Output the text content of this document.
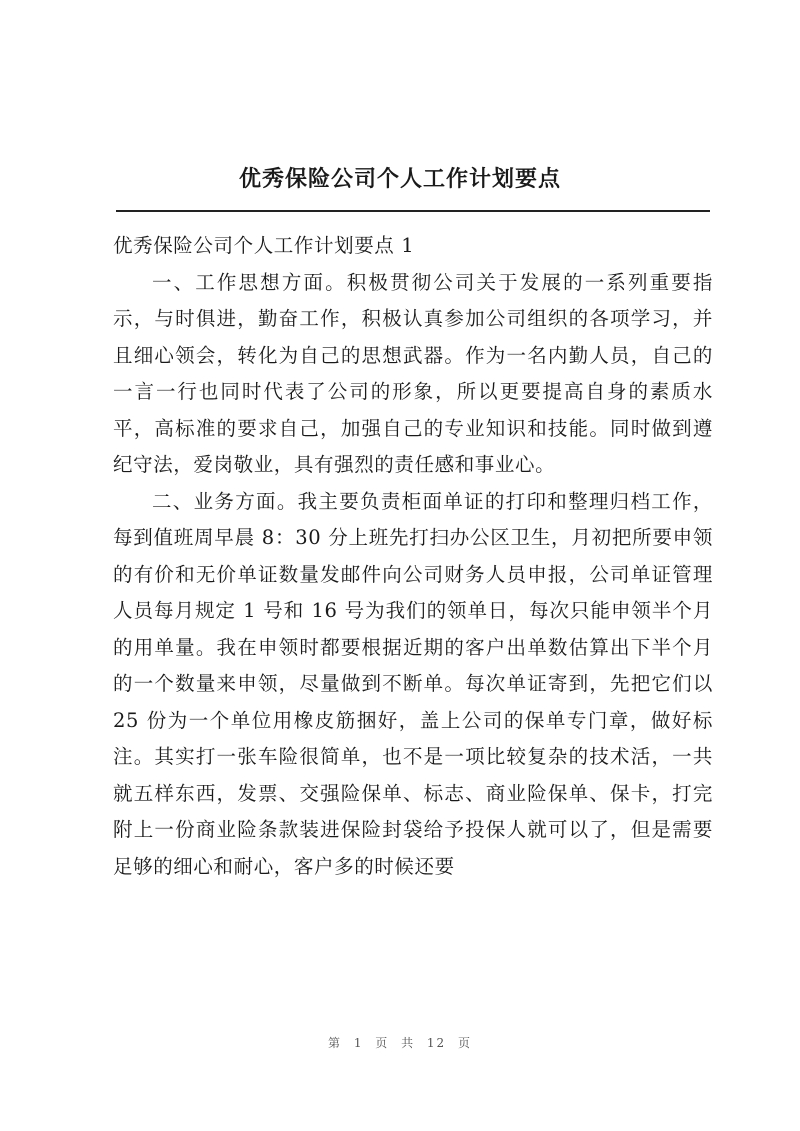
优秀保险公司个人工作计划要点

优秀保险公司个人工作计划要点 1

一、工作思想方面。积极贯彻公司关于发展的一系列重要指示，与时俱进，勤奋工作，积极认真参加公司组织的各项学习，并且细心领会，转化为自己的思想武器。作为一名内勤人员，自己的一言一行也同时代表了公司的形象，所以更要提高自身的素质水平，高标准的要求自己，加强自己的专业知识和技能。同时做到遵纪守法，爱岗敬业，具有强烈的责任感和事业心。

二、业务方面。我主要负责柜面单证的打印和整理归档工作，每到值班周早晨 8：30 分上班先打扫办公区卫生，月初把所要申领的有价和无价单证数量发邮件向公司财务人员申报，公司单证管理人员每月规定 1 号和 16 号为我们的领单日，每次只能申领半个月的用单量。我在申领时都要根据近期的客户出单数估算出下半个月的一个数量来申领，尽量做到不断单。每次单证寄到，先把它们以 25 份为一个单位用橡皮筋捆好，盖上公司的保单专门章，做好标注。其实打一张车险很简单，也不是一项比较复杂的技术活，一共就五样东西，发票、交强险保单、标志、商业险保单、保卡，打完附上一份商业险条款装进保险封袋给予投保人就可以了，但是需要足够的细心和耐心，客户多的时候还要

第 1 页 共 12 页
